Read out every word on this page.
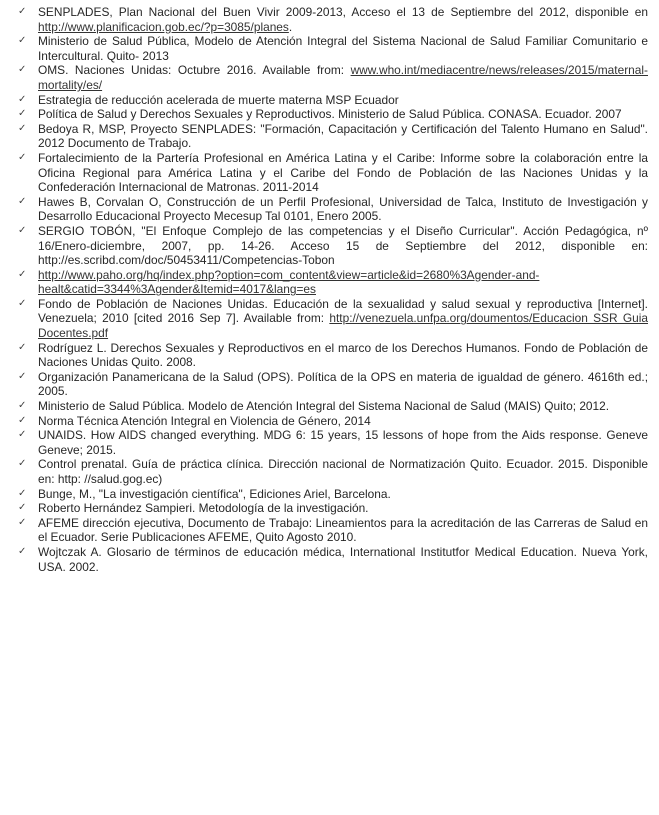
✓ SENPLADES, Plan Nacional del Buen Vivir 2009-2013, Acceso el 13 de Septiembre del 2012, disponible en http://www.planificacion.gob.ec/?p=3085/planes.
✓ Ministerio de Salud Pública, Modelo de Atención Integral del Sistema Nacional de Salud Familiar Comunitario e Intercultural. Quito- 2013
✓ OMS. Naciones Unidas: Octubre 2016. Available from: www.who.int/mediacentre/news/releases/2015/maternal-mortality/es/
✓ Estrategia de reducción acelerada de muerte materna MSP Ecuador
✓ Política de Salud y Derechos Sexuales y Reproductivos. Ministerio de Salud Pública. CONASA. Ecuador. 2007
✓ Bedoya R, MSP, Proyecto SENPLADES: "Formación, Capacitación y Certificación del Talento Humano en Salud". 2012 Documento de Trabajo.
✓ Fortalecimiento de la Partería Profesional en América Latina y el Caribe: Informe sobre la colaboración entre la Oficina Regional para América Latina y el Caribe del Fondo de Población de las Naciones Unidas y la Confederación Internacional de Matronas. 2011-2014
✓ Hawes B, Corvalan O, Construcción de un Perfil Profesional, Universidad de Talca, Instituto de Investigación y Desarrollo Educacional Proyecto Mecesup Tal 0101, Enero 2005.
✓ SERGIO TOBÓN, "El Enfoque Complejo de las competencias y el Diseño Curricular". Acción Pedagógica, nº 16/Enero-diciembre, 2007, pp. 14-26. Acceso 15 de Septiembre del 2012, disponible en: http://es.scribd.com/doc/50453411/Competencias-Tobon
✓ http://www.paho.org/hq/index.php?option=com_content&view=article&id=2680%3Agender-and-healt&catid=3344%3Agender&Itemid=4017&lang=es
✓ Fondo de Población de Naciones Unidas. Educación de la sexualidad y salud sexual y reproductiva [Internet]. Venezuela; 2010 [cited 2016 Sep 7]. Available from: http://venezuela.unfpa.org/doumentos/Educacion SSR Guia Docentes.pdf
✓ Rodríguez L. Derechos Sexuales y Reproductivos en el marco de los Derechos Humanos. Fondo de Población de Naciones Unidas Quito. 2008.
✓ Organización Panamericana de la Salud (OPS). Política de la OPS en materia de igualdad de género. 4616th ed.; 2005.
✓ Ministerio de Salud Pública. Modelo de Atención Integral del Sistema Nacional de Salud (MAIS) Quito; 2012.
✓ Norma Técnica Atención Integral en Violencia de Género, 2014
✓ UNAIDS. How AIDS changed everything. MDG 6: 15 years, 15 lessons of hope from the Aids response. Geneve Geneve; 2015.
✓ Control prenatal. Guía de práctica clínica. Dirección nacional de Normatización Quito. Ecuador. 2015. Disponible en: http: //salud.gog.ec)
✓ Bunge, M., "La investigación científica", Ediciones Ariel, Barcelona.
✓ Roberto Hernández Sampieri. Metodología de la investigación.
✓ AFEME dirección ejecutiva, Documento de Trabajo: Lineamientos para la acreditación de las Carreras de Salud en el Ecuador. Serie Publicaciones AFEME, Quito Agosto 2010.
✓ Wojtczak A. Glosario de términos de educación médica, International Institutfor Medical Education. Nueva York, USA. 2002.
